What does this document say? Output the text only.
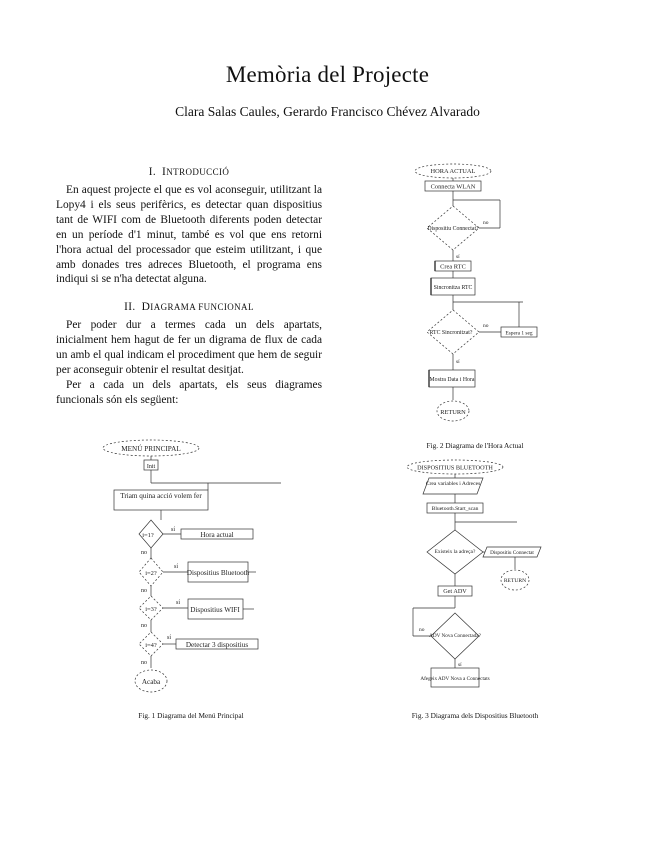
Memòria del Projecte
Clara Salas Caules, Gerardo Francisco Chévez Alvarado
I. INTRODUCCIÓ

En aquest projecte el que es vol aconseguir, utilitzant la Lopy4 i els seus perifèrics, es detectar quan dispositius tant de WIFI com de Bluetooth diferents poden detectar en un període d'1 minut, també es vol que ens retorni l'hora actual del processador que esteim utilitzant, i que amb donades tres adreces Bluetooth, el programa ens indiqui si se n'ha detectat alguna.

II. DIAGRAMA FUNCIONAL

Per poder dur a termes cada un dels apartats, inicialment hem hagut de fer un digrama de flux de cada un amb el qual indicam el procediment que hem de seguir per aconseguir obtenir el resultat desitjat.

Per a cada un dels apartats, els seus diagrames funcionals són els següent:

MENÚ PRINCIPAL
Init
Triam quina acció volem fer
i=1?
sí
Hora actual
no
i=2?
sí
Dispositius Bluetooth
no
i=3?
sí
Dispositius WIFI
no
i=4?
sí
Detectar 3 dispositius
no
Acaba
Fig. 1 Diagrama del Menú Principal
HORA ACTUAL
Connecta WLAN
Dispositiu Connectat?
no
sí
Crea RTC
Sincronitza RTC
RTC Sincronitzat?
no
Espera 1 seg
sí
Mostra Data i Hora
RETURN
Fig. 2 Diagrama de l'Hora Actual
DISPOSITIUS BLUETOOTH
Crea variables i Adreces
Bluetooth.Start_scan
Existeix la adreça?	Dispositiu Connectat
RETURN
Get ADV
ADV Nova Connectada?
no
sí
Afegeix ADV Nova a Connectats
Fig. 3 Diagrama dels Dispositius Bluetooth
